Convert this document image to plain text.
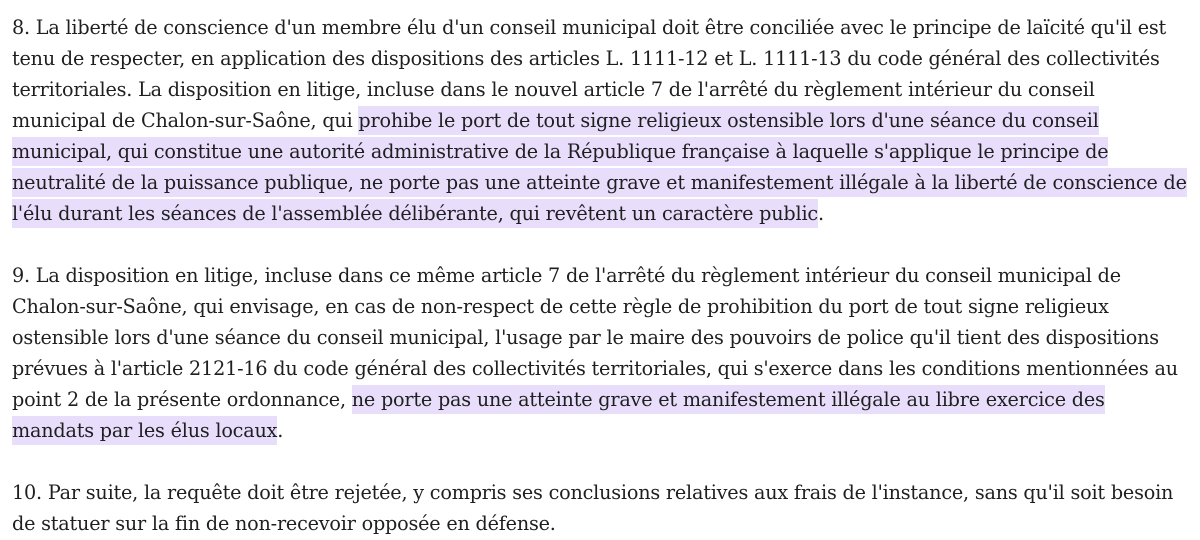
8. La liberté de conscience d'un membre élu d'un conseil municipal doit être conciliée avec le principe de laïcité qu'il est tenu de respecter, en application des dispositions des articles L. 1111-12 et L. 1111-13 du code général des collectivités territoriales. La disposition en litige, incluse dans le nouvel article 7 de l'arrêté du règlement intérieur du conseil municipal de Chalon-sur-Saône, qui prohibe le port de tout signe religieux ostensible lors d'une séance du conseil municipal, qui constitue une autorité administrative de la République française à laquelle s'applique le principe de neutralité de la puissance publique, ne porte pas une atteinte grave et manifestement illégale à la liberté de conscience de l'élu durant les séances de l'assemblée délibérante, qui revêtent un caractère public.

9. La disposition en litige, incluse dans ce même article 7 de l'arrêté du règlement intérieur du conseil municipal de Chalon-sur-Saône, qui envisage, en cas de non-respect de cette règle de prohibition du port de tout signe religieux ostensible lors d'une séance du conseil municipal, l'usage par le maire des pouvoirs de police qu'il tient des dispositions prévues à l'article 2121-16 du code général des collectivités territoriales, qui s'exerce dans les conditions mentionnées au point 2 de la présente ordonnance, ne porte pas une atteinte grave et manifestement illégale au libre exercice des mandats par les élus locaux.

10. Par suite, la requête doit être rejetée, y compris ses conclusions relatives aux frais de l'instance, sans qu'il soit besoin de statuer sur la fin de non-recevoir opposée en défense.
